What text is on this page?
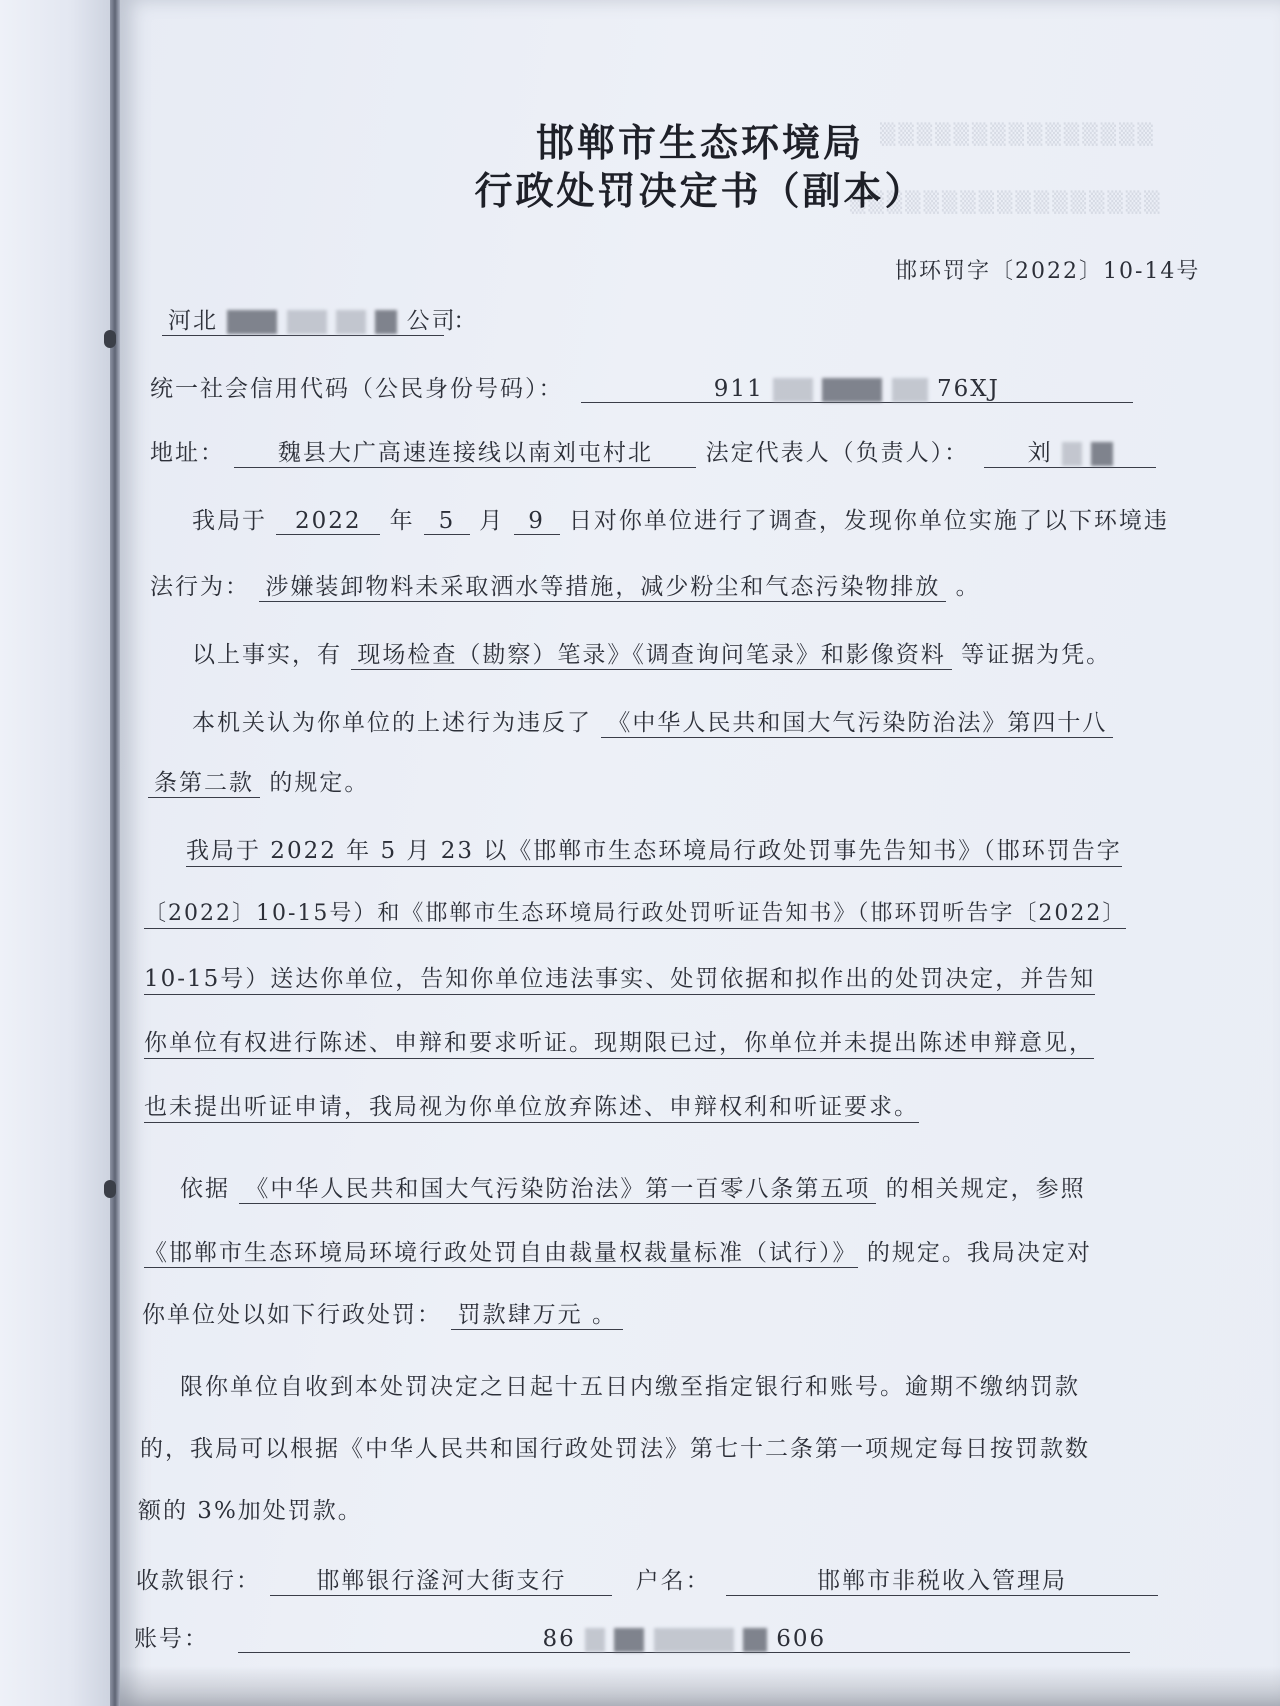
▒▒▒▒▒▒▒▒▒▒▒▒▒▒▒
▒▒▒▒▒▒▒▒▒▒▒▒▒▒▒▒▒
邯郸市生态环境局
行政处罚决定书（副本）
邯环罚字〔2022〕10-14号
河北	公司 ：
统一社会信用代码（公民身份号码）：	911	76XJ
地址： 魏县大广高速连接线以南刘屯村北 法定代表人（负责人）：	刘
我局于 2022 年 5 月 9 日对你单位进行了调查，发现你单位实施了以下环境违
法行为： 涉嫌装卸物料未采取洒水等措施，减少粉尘和气态污染物排放 。
以上事实，有 现场检查（勘察）笔录》《调查询问笔录》和影像资料 等证据为凭。
本机关认为你单位的上述行为违反了 《中华人民共和国大气污染防治法》第四十八
条第二款 的规定。
我局于 2022 年 5 月 23 以《邯郸市生态环境局行政处罚事先告知书》（邯环罚告字
〔2022〕10-15号）和《邯郸市生态环境局行政处罚听证告知书》（邯环罚听告字〔2022〕
10-15号）送达你单位，告知你单位违法事实、处罚依据和拟作出的处罚决定，并告知
你单位有权进行陈述、申辩和要求听证。现期限已过，你单位并未提出陈述申辩意见，
也未提出听证申请，我局视为你单位放弃陈述、申辩权利和听证要求。
依据 《中华人民共和国大气污染防治法》第一百零八条第五项 的相关规定，参照
《邯郸市生态环境局环境行政处罚自由裁量权裁量标准（试行）》 的规定。我局决定对
你单位处以如下行政处罚： 罚款肆万元 。
限你单位自收到本处罚决定之日起十五日内缴至指定银行和账号。逾期不缴纳罚款
的，我局可以根据《中华人民共和国行政处罚法》第七十二条第一项规定每日按罚款数
额的 3%加处罚款。
收款银行： 邯郸银行滏河大街支行	户名：	邯郸市非税收入管理局
账号：	86	606
